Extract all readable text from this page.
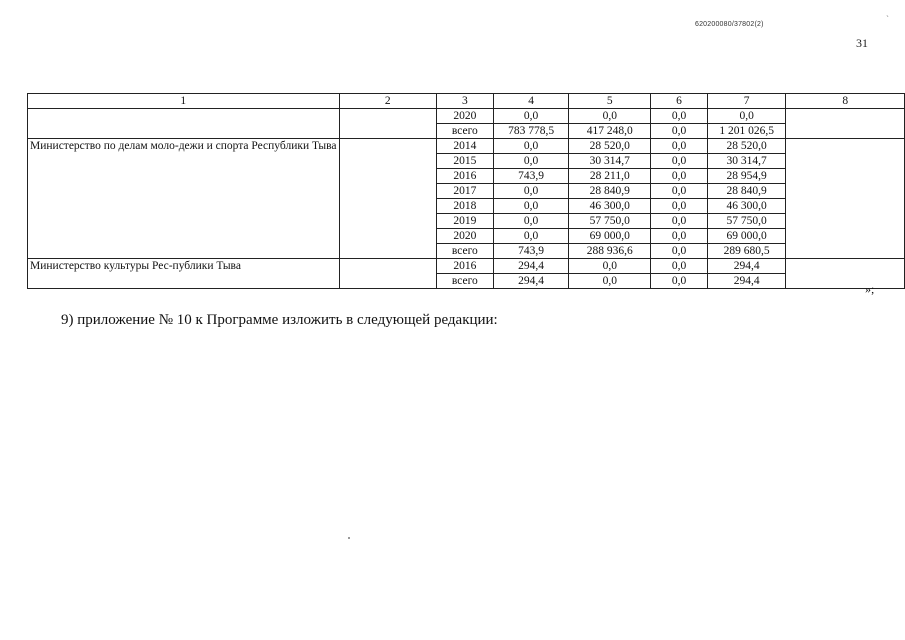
620200080/37802(2)
`
31
1	2	3	4	5	6	7	8
		2020	0,0	0,0	0,0	0,0	
		всего	783 778,5	417 248,0	0,0	1 201 026,5	
Министерство по делам моло-дежи и спорта Республики Тыва		2014	0,0	28 520,0	0,0	28 520,0	
		2015	0,0	30 314,7	0,0	30 314,7	
		2016	743,9	28 211,0	0,0	28 954,9	
		2017	0,0	28 840,9	0,0	28 840,9	
		2018	0,0	46 300,0	0,0	46 300,0	
		2019	0,0	57 750,0	0,0	57 750,0	
		2020	0,0	69 000,0	0,0	69 000,0	
		всего	743,9	288 936,6	0,0	289 680,5	
Министерство культуры Рес-публики Тыва		2016	294,4	0,0	0,0	294,4	
		всего	294,4	0,0	0,0	294,4	
»;
9) приложение № 10 к Программе изложить в следующей редакции:
